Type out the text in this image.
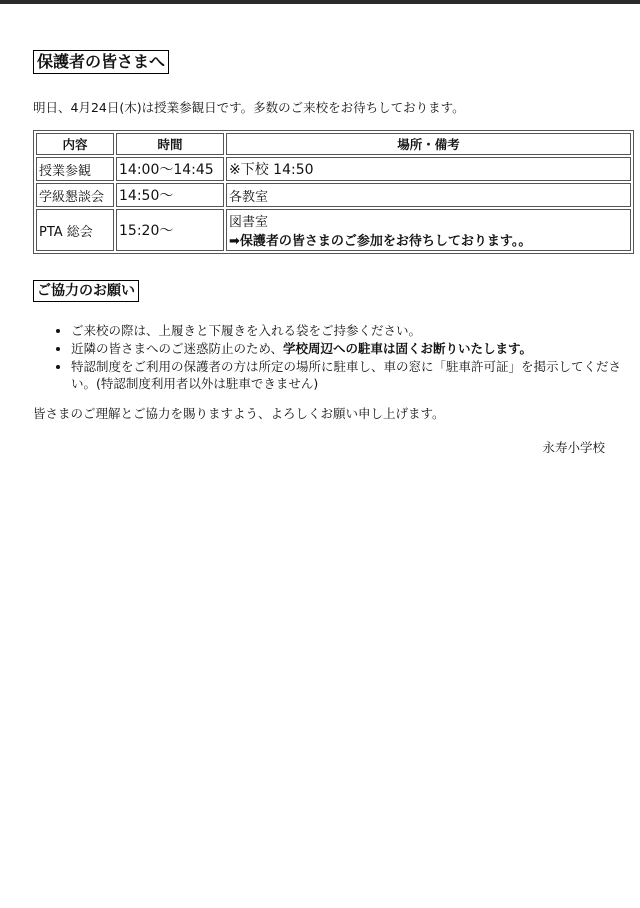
保護者の皆さまへ
明日、4月24日(木)は授業参観日です。多数のご来校をお待ちしております。
内容	時間	場所・備考
授業参観	14:00〜14:45	※下校 14:50
学級懇談会	14:50〜	各教室
PTA 総会	15:20〜	図書室
➡保護者の皆さまのご参加をお待ちしております。。
ご協力のお願い
• ご来校の際は、上履きと下履きを入れる袋をご持参ください。
• 近隣の皆さまへのご迷惑防止のため、学校周辺への駐車は固くお断りいたします。
• 特認制度をご利用の保護者の方は所定の場所に駐車し、車の窓に「駐車許可証」を掲示してください。(特認制度利用者以外は駐車できません)
皆さまのご理解とご協力を賜りますよう、よろしくお願い申し上げます。
永寿小学校
